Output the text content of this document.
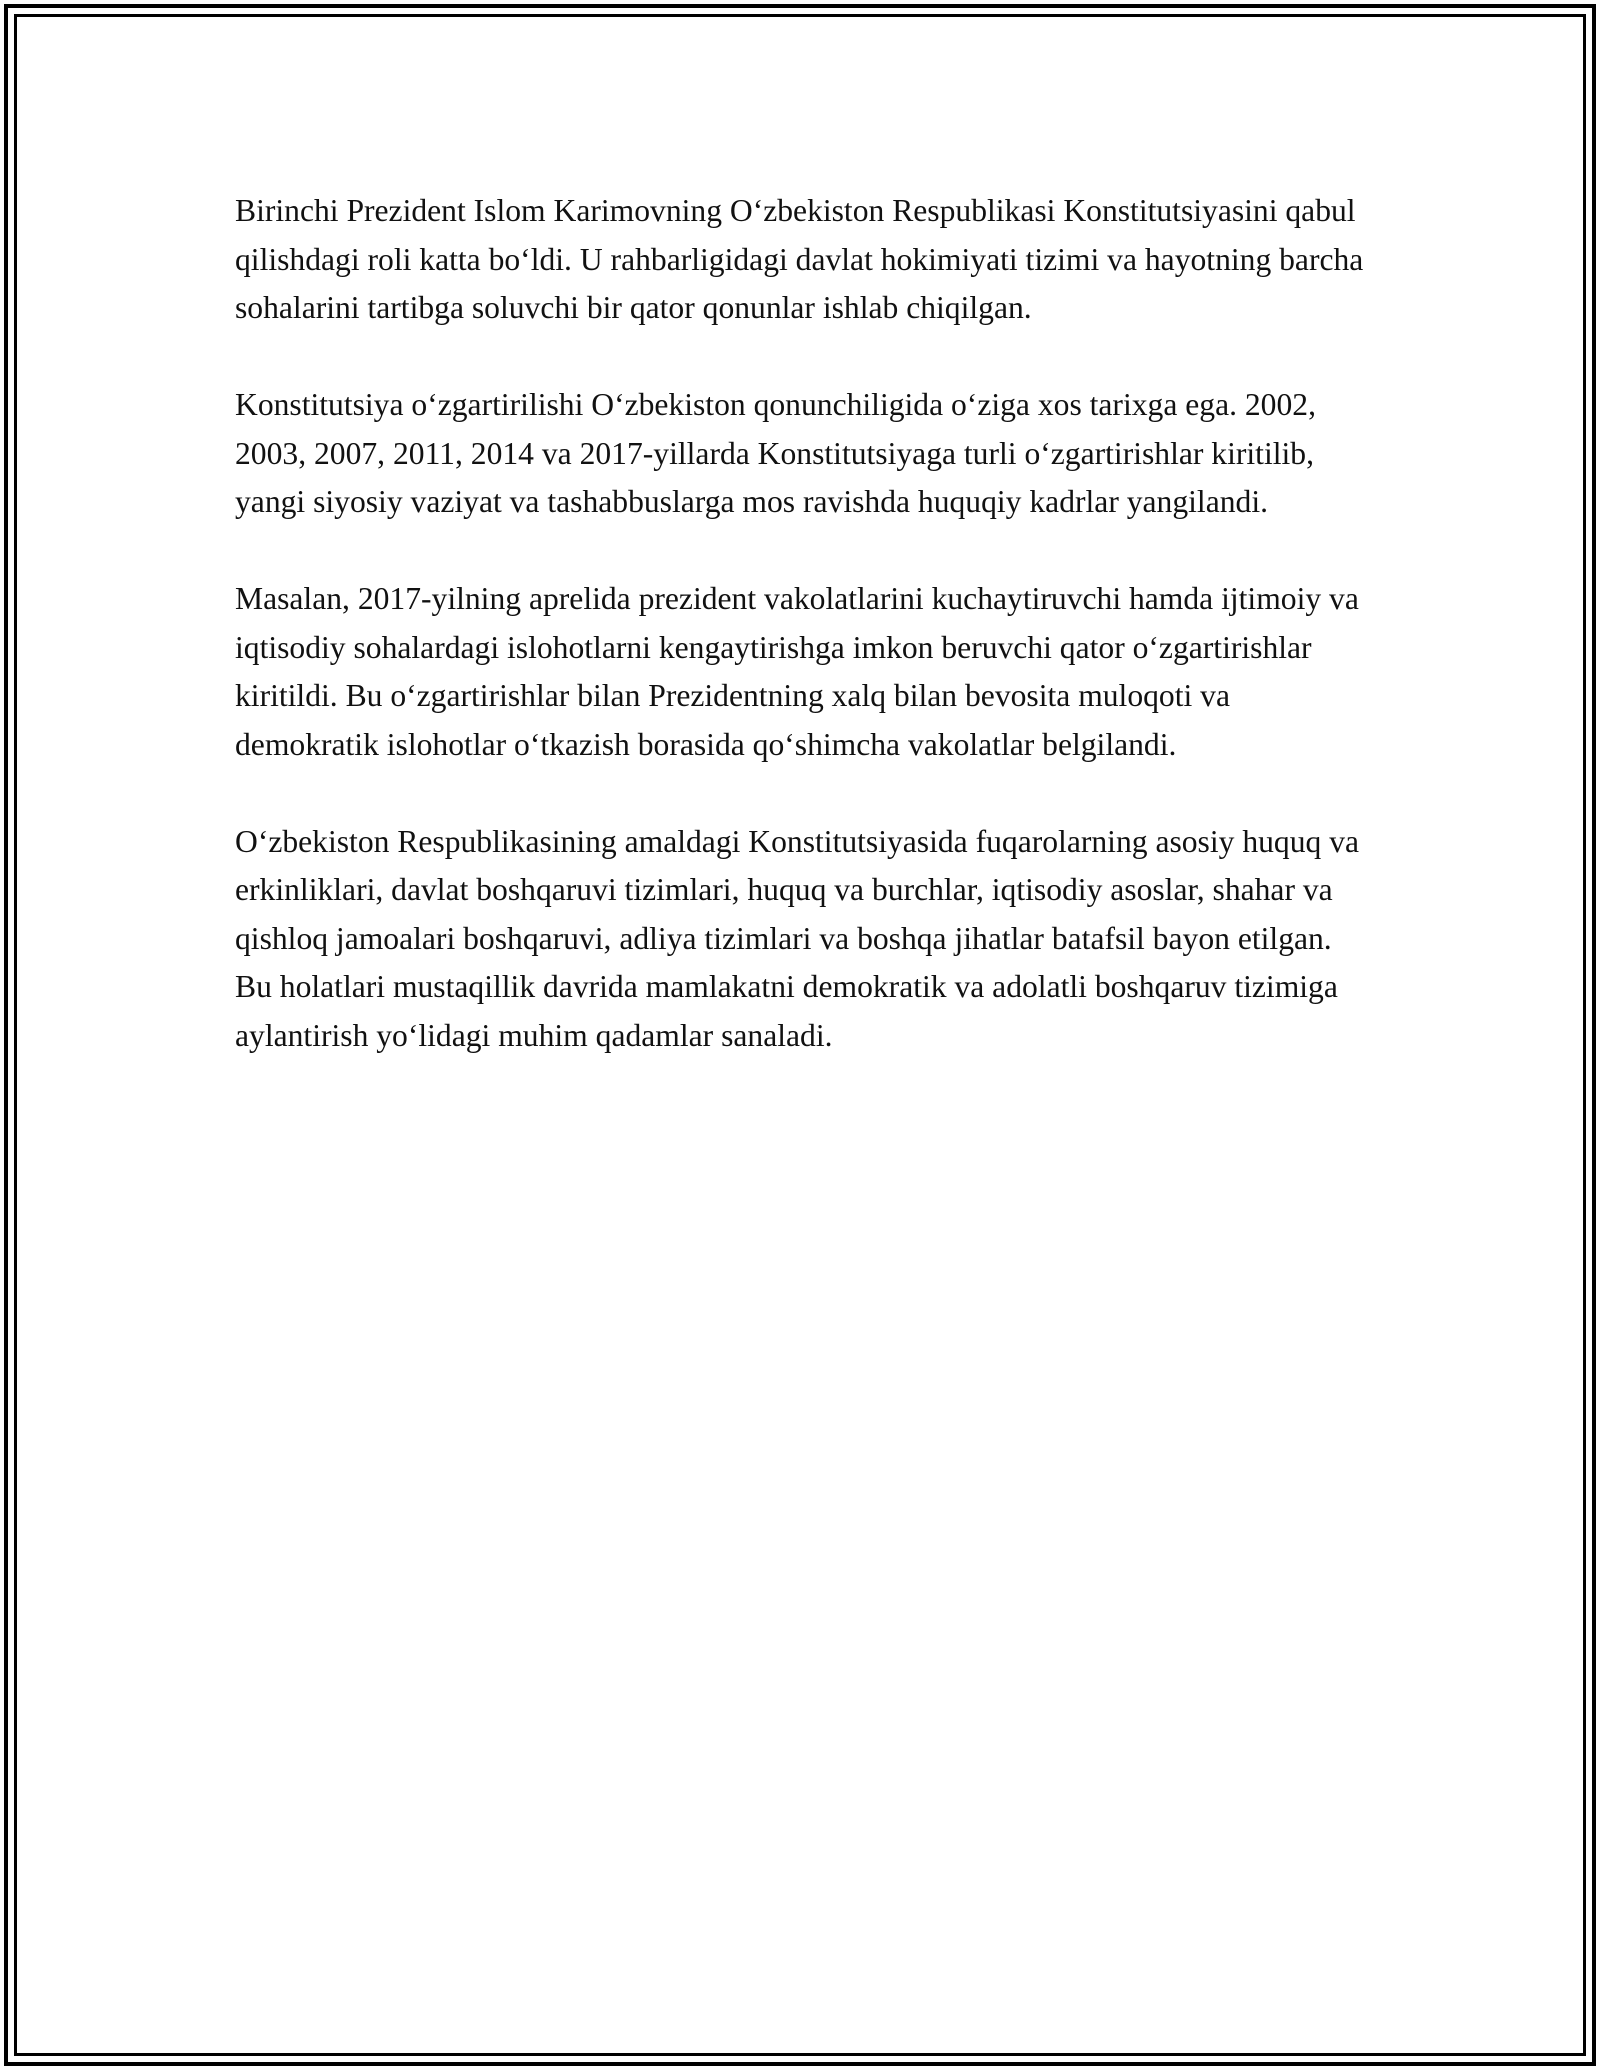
Birinchi Prezident Islom Karimovning O‘zbekiston Respublikasi Konstitutsiyasini qabul qilishdagi roli katta bo‘ldi. U rahbarligidagi davlat hokimiyati tizimi va hayotning barcha sohalarini tartibga soluvchi bir qator qonunlar ishlab chiqilgan.

Konstitutsiya o‘zgartirilishi O‘zbekiston qonunchiligida o‘ziga xos tarixga ega. 2002, 2003, 2007, 2011, 2014 va 2017-yillarda Konstitutsiyaga turli o‘zgartirishlar kiritilib, yangi siyosiy vaziyat va tashabbuslarga mos ravishda huquqiy kadrlar yangilandi.

Masalan, 2017-yilning aprelida prezident vakolatlarini kuchaytiruvchi hamda ijtimoiy va iqtisodiy sohalardagi islohotlarni kengaytirishga imkon beruvchi qator o‘zgartirishlar kiritildi. Bu o‘zgartirishlar bilan Prezidentning xalq bilan bevosita muloqoti va demokratik islohotlar o‘tkazish borasida qo‘shimcha vakolatlar belgilandi.

O‘zbekiston Respublikasining amaldagi Konstitutsiyasida fuqarolarning asosiy huquq va erkinliklari, davlat boshqaruvi tizimlari, huquq va burchlar, iqtisodiy asoslar, shahar va qishloq jamoalari boshqaruvi, adliya tizimlari va boshqa jihatlar batafsil bayon etilgan. Bu holatlari mustaqillik davrida mamlakatni demokratik va adolatli boshqaruv tizimiga aylantirish yo‘lidagi muhim qadamlar sanaladi.
